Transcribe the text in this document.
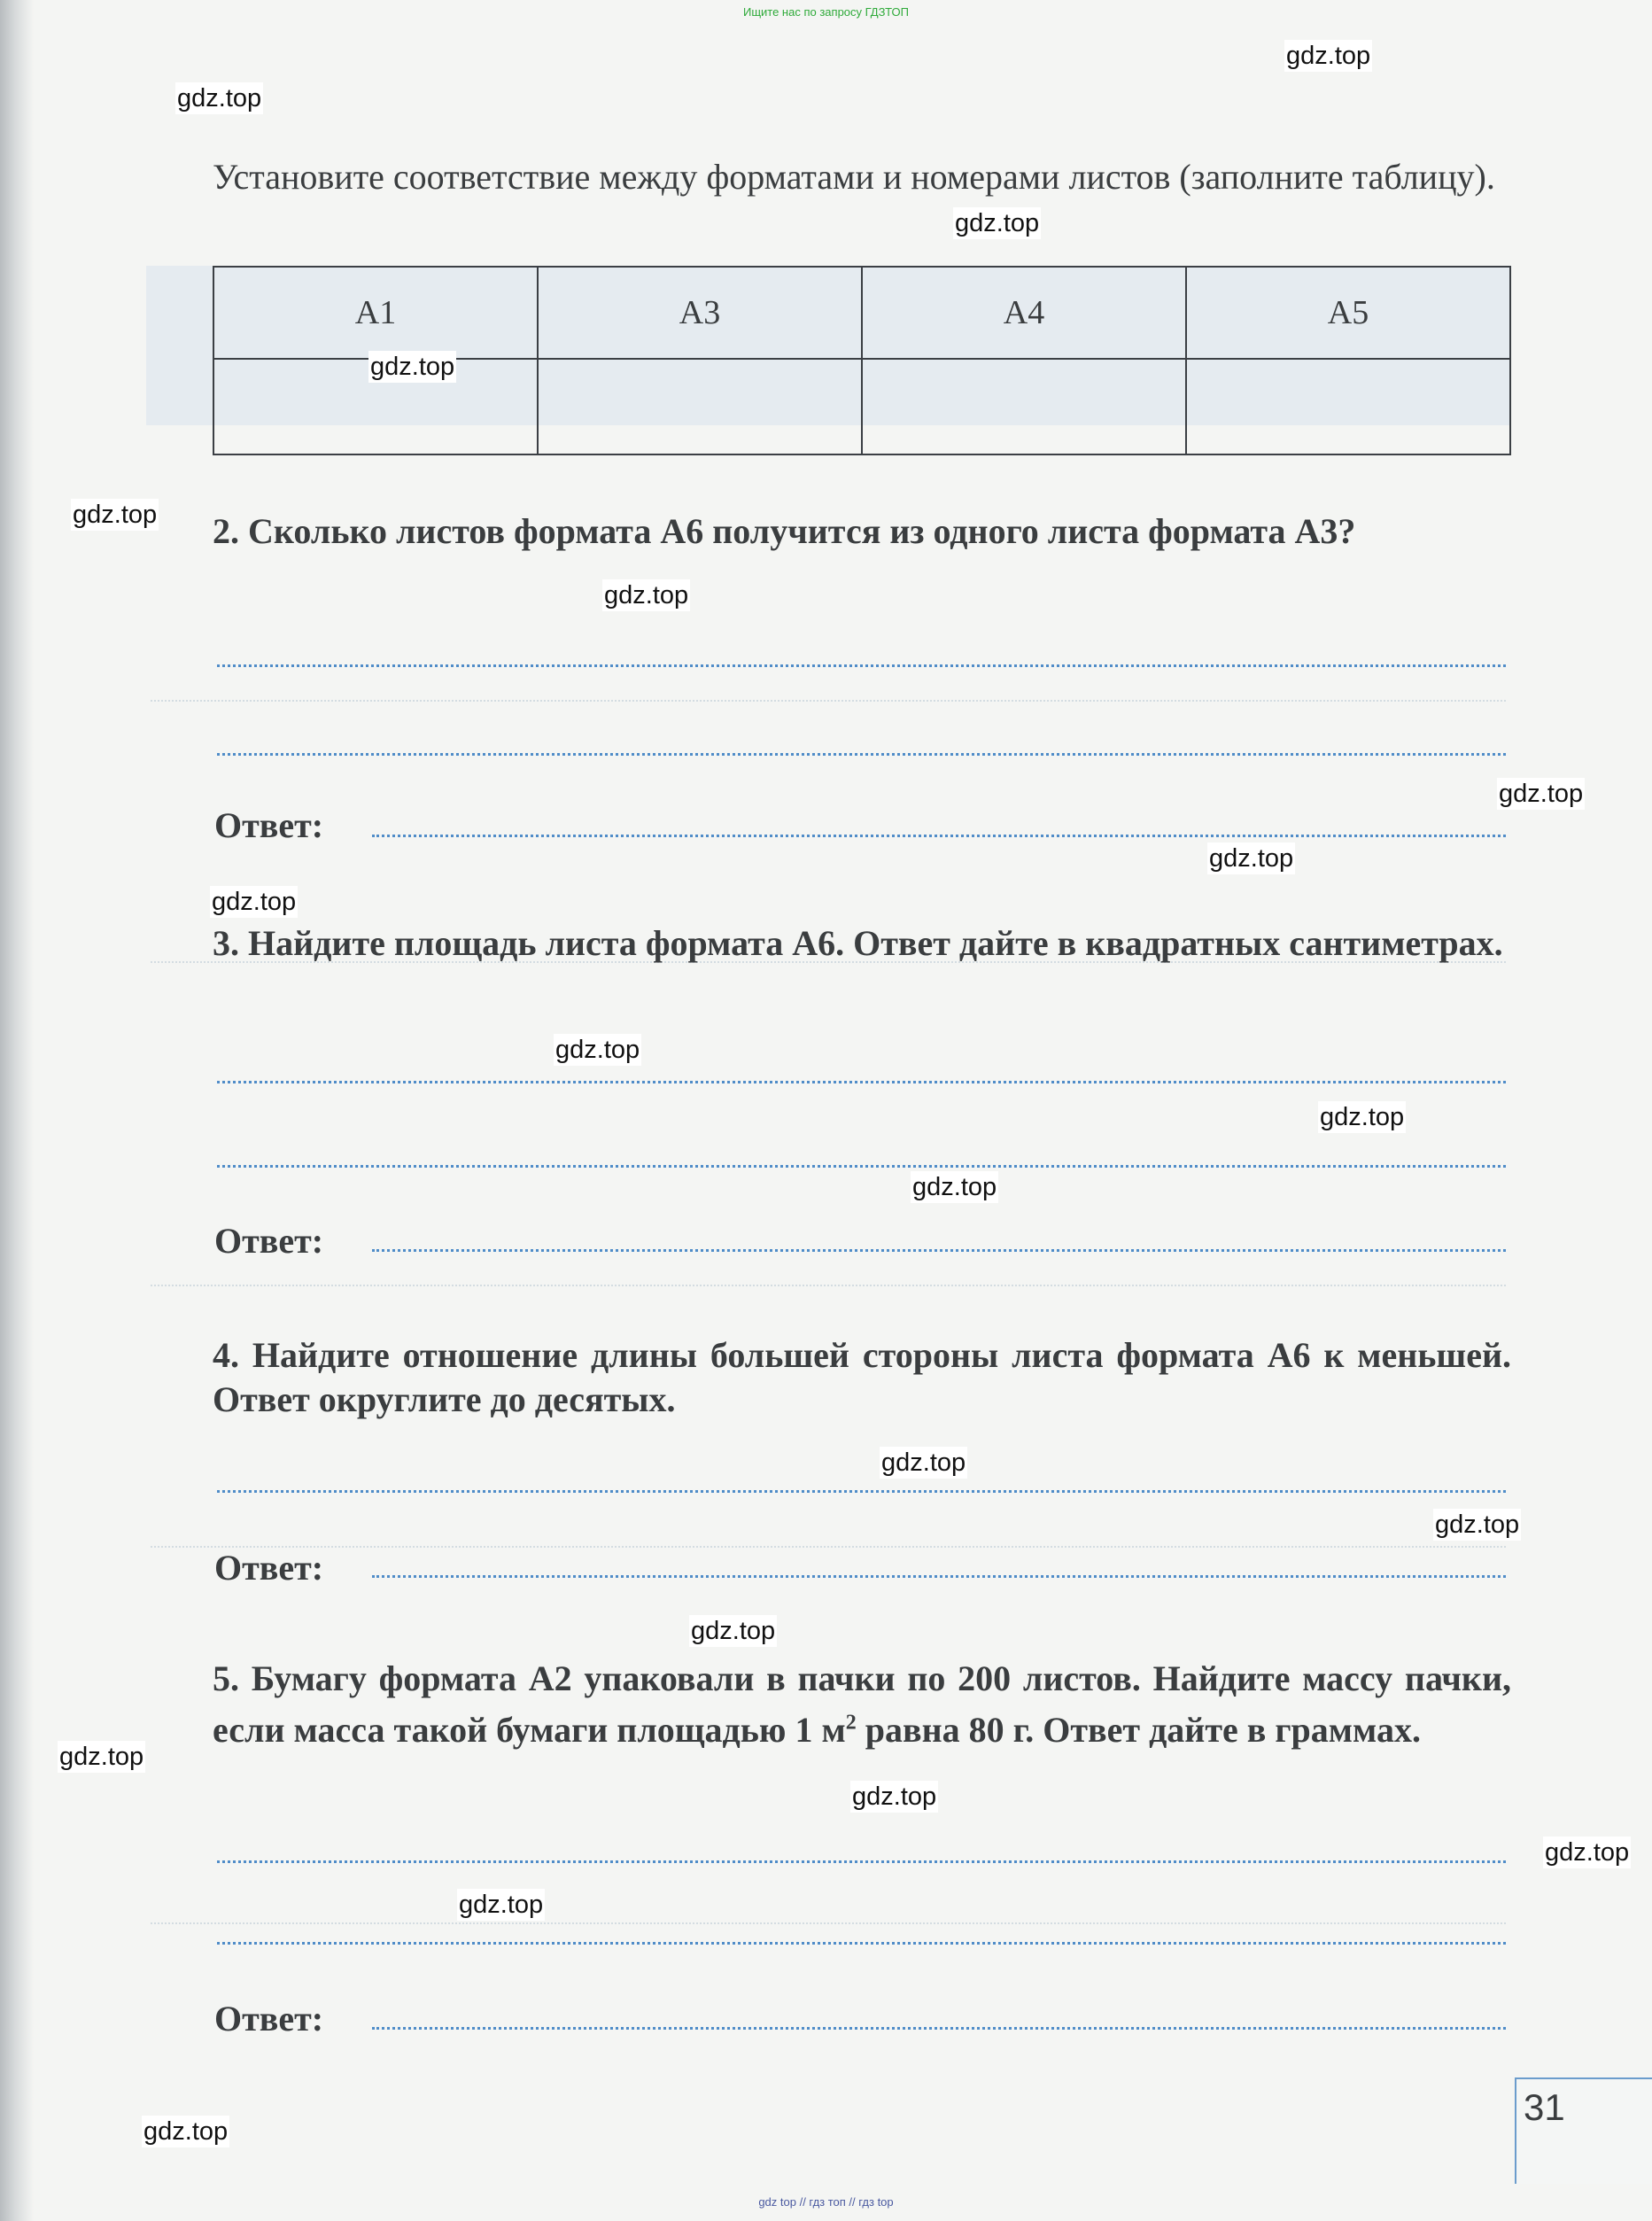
Ищите нас по запросу ГДЗТОП
Установите соответствие между форматами и номерами листов (заполните таблицу).
A1	A3	A4	A5

2. Сколько листов формата А6 получится из одного листа формата А3?
Ответ:
3. Найдите площадь листа формата А6. Ответ дайте в квадратных сантиметрах.
Ответ:
4. Найдите отношение длины большей стороны листа формата А6 к меньшей. Ответ округлите до десятых.
Ответ:
5. Бумагу формата А2 упаковали в пачки по 200 листов. Найдите массу пачки, если масса такой бумаги площадью 1 $м^2$ равна 80 г. Ответ дайте в граммах.
Ответ:
31
gdz.top
gdz.top
gdz.top
gdz.top
gdz.top
gdz.top
gdz.top
gdz.top
gdz.top
gdz.top
gdz.top
gdz.top
gdz.top
gdz.top
gdz.top
gdz.top
gdz.top
gdz.top
gdz.top
gdz.top
gdz top // гдз топ // гдз top
